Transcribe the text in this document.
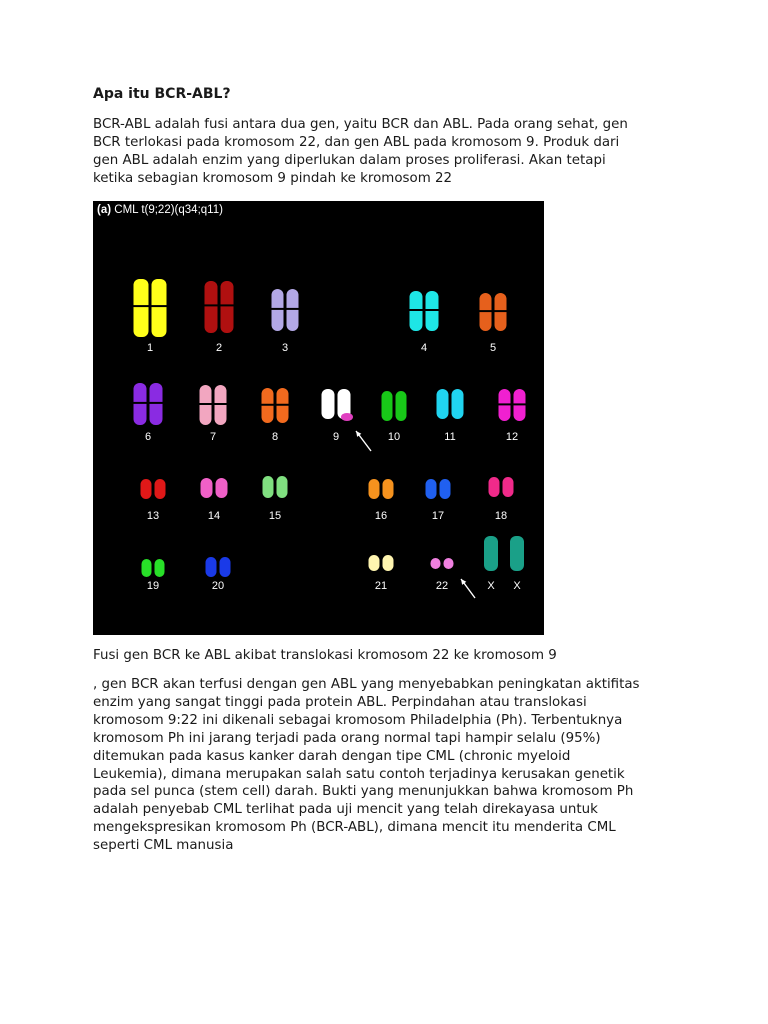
Apa itu BCR-ABL?

BCR-ABL adalah fusi antara dua gen, yaitu BCR dan ABL. Pada orang sehat, gen
BCR terlokasi pada kromosom 22, dan gen ABL pada kromosom 9. Produk dari
gen ABL adalah enzim yang diperlukan dalam proses proliferasi. Akan tetapi
ketika sebagian kromosom 9 pindah ke kromosom 22

(a) CML t(9;22)(q34;q11)
1	2	3	4	5
6	7	8	9	10	11	12
13	14	15	16	17	18
19	20	21	22	X X

Fusi gen BCR ke ABL akibat translokasi kromosom 22 ke kromosom 9

, gen BCR akan terfusi dengan gen ABL yang menyebabkan peningkatan aktifitas
enzim yang sangat tinggi pada protein ABL. Perpindahan atau translokasi
kromosom 9:22 ini dikenali sebagai kromosom Philadelphia (Ph). Terbentuknya
kromosom Ph ini jarang terjadi pada orang normal tapi hampir selalu (95%)
ditemukan pada kasus kanker darah dengan tipe CML (chronic myeloid
Leukemia), dimana merupakan salah satu contoh terjadinya kerusakan genetik
pada sel punca (stem cell) darah. Bukti yang menunjukkan bahwa kromosom Ph
adalah penyebab CML terlihat pada uji mencit yang telah direkayasa untuk
mengekspresikan kromosom Ph (BCR-ABL), dimana mencit itu menderita CML
seperti CML manusia
